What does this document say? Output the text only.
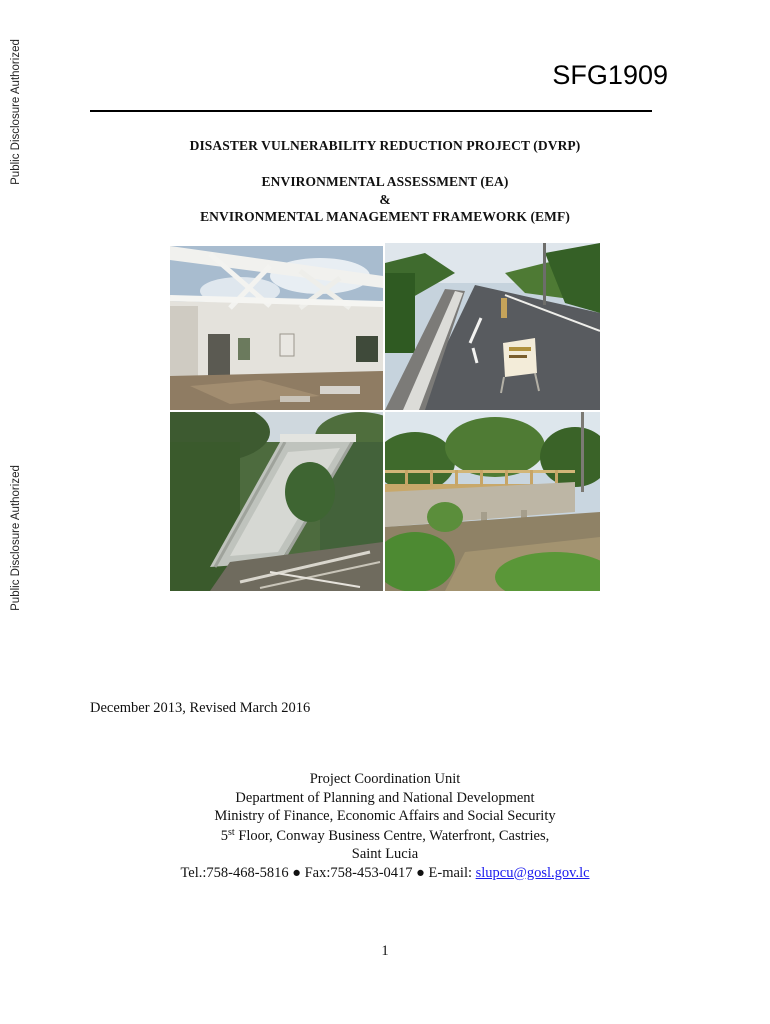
Public Disclosure Authorized
Public Disclosure Authorized
SFG1909
DISASTER VULNERABILITY REDUCTION PROJECT (DVRP)
ENVIRONMENTAL ASSESSMENT (EA)
&
ENVIRONMENTAL MANAGEMENT FRAMEWORK (EMF)
December 2013, Revised March 2016
Project Coordination Unit
Department of Planning and National Development
Ministry of Finance, Economic Affairs and Social Security
5st Floor, Conway Business Centre, Waterfront, Castries,
Saint Lucia
Tel.:758-468-5816 ● Fax:758-453-0417 ● E-mail: slupcu@gosl.gov.lc
1
